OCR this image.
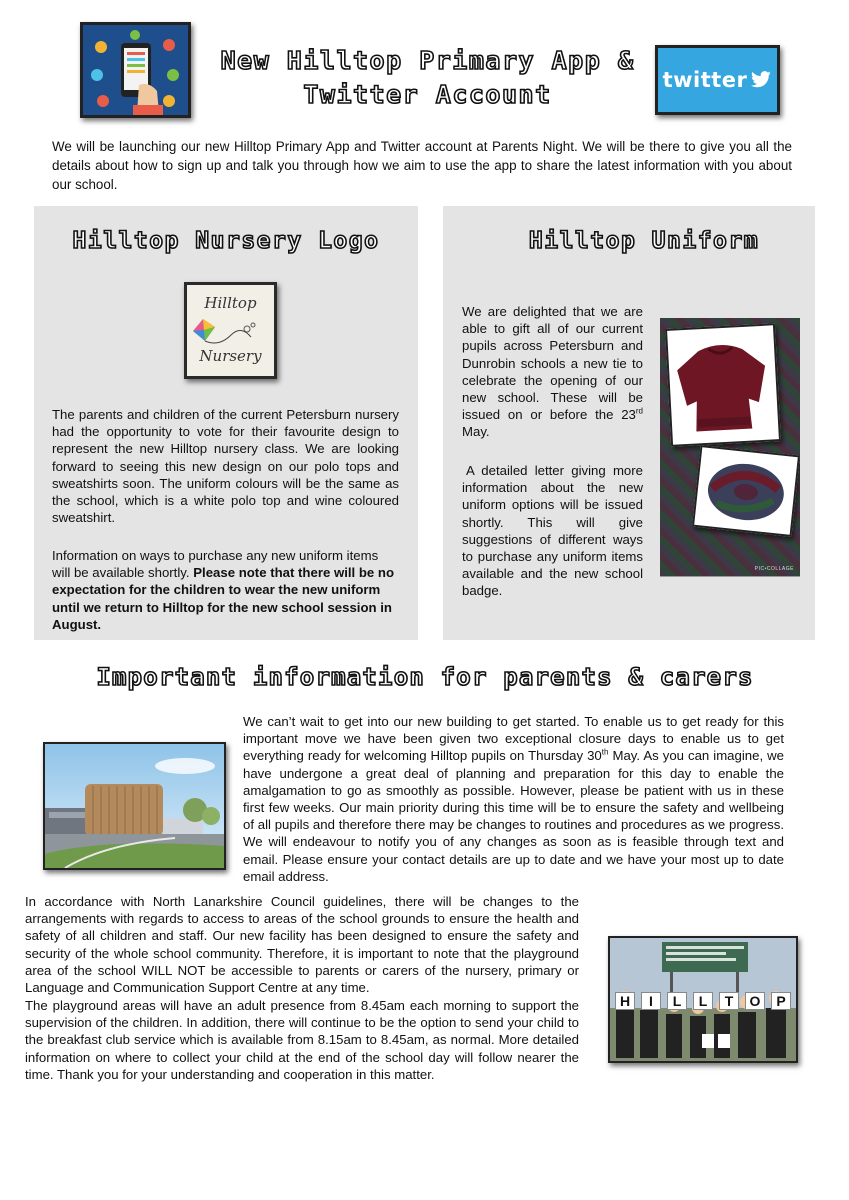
New Hilltop Primary App &
Twitter Account	twitter
We will be launching our new Hilltop Primary App and Twitter account at Parents Night. We will be there to give you all the details about how to sign up and talk you through how we aim to use the app to share the latest information with you about our school.
Hilltop Nursery Logo
Hilltop
Nursery
The parents and children of the current Petersburn nursery had the opportunity to vote for their favourite design to represent the new Hilltop nursery class. We are looking forward to seeing this new design on our polo tops and sweatshirts soon. The uniform colours will be the same as the school, which is a white polo top and wine coloured sweatshirt.
Information on ways to purchase any new uniform items will be available shortly. Please note that there will be no expectation for the children to wear the new uniform until we return to Hilltop for the new school session in August.
Hilltop Uniform
We are delighted that we are able to gift all of our current pupils across Petersburn and Dunrobin schools a new tie to celebrate the opening of our new school. These will be issued on or before the 23rd May.
A detailed letter giving more information about the new uniform options will be issued shortly. This will give suggestions of different ways to purchase any uniform items available and the new school badge.
PIC•COLLAGE
Important information for parents & carers
We can’t wait to get into our new building to get started. To enable us to get ready for this important move we have been given two exceptional closure days to enable us to get everything ready for welcoming Hilltop pupils on Thursday 30th May. As you can imagine, we have undergone a great deal of planning and preparation for this day to enable the amalgamation to go as smoothly as possible. However, please be patient with us in these first few weeks. Our main priority during this time will be to ensure the safety and wellbeing of all pupils and therefore there may be changes to routines and procedures as we progress. We will endeavour to notify you of any changes as soon as is feasible through text and email. Please ensure your contact details are up to date and we have your most up to date email address.
In accordance with North Lanarkshire Council guidelines, there will be changes to the arrangements with regards to access to areas of the school grounds to ensure the health and safety of all children and staff. Our new facility has been designed to ensure the safety and security of the whole school community. Therefore, it is important to note that the playground area of the school WILL NOT be accessible to parents or carers of the nursery, primary or Language and Communication Support Centre at any time.
The playground areas will have an adult presence from 8.45am each morning to support the supervision of the children. In addition, there will continue to be the option to send your child to the breakfast club service which is available from 8.15am to 8.45am, as normal. More detailed information on where to collect your child at the end of the school day will follow nearer the time. Thank you for your understanding and cooperation in this matter.
H	I	L	L	T	O	P
